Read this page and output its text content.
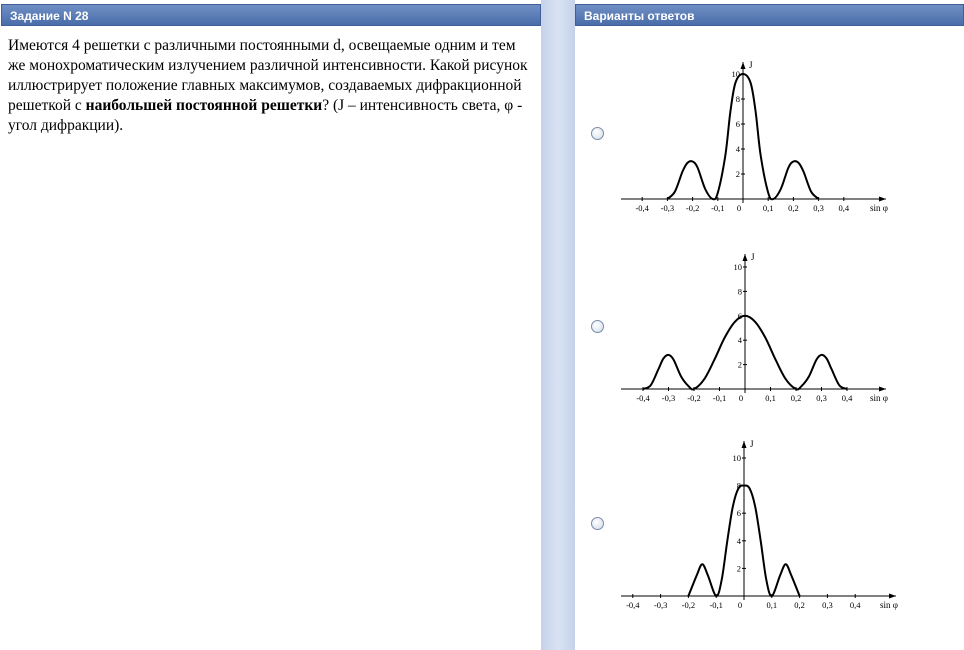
Задание N 28	Варианты ответов
Имеются 4 решетки с различными постоянными d, освещаемые одним и тем же монохроматическим излучением различной интенсивности. Какой рисунок иллюстрирует положение главных максимумов, создаваемых дифракционной решеткой с наибольшей постоянной решетки? (J – интенсивность света, φ - угол дифракции).
-0,4 -0,3 -0,2 -0,1 0	0,1 0,2 0,3 0,4
2
4
6
8
10
J
sin φ
-0,4 -0,3 -0,2 -0,1 0	0,1 0,2 0,3 0,4
2
4
6
8
10
J
sin φ
-0,4 -0,3 -0,2 -0,1 0	0,1 0,2 0,3 0,4
2
4
6
8
10
J
sin φ
